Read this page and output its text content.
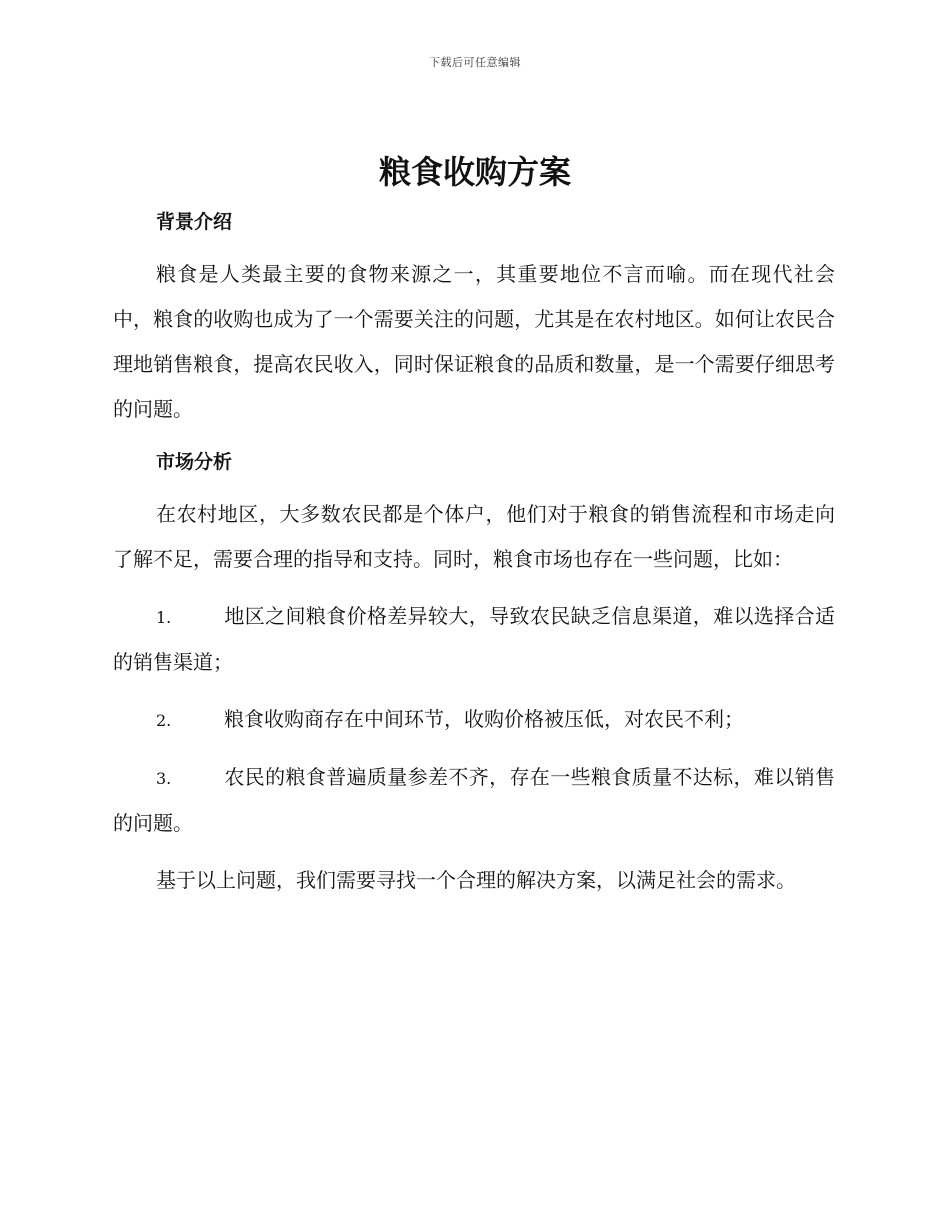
下载后可任意编辑
粮食收购方案
背景介绍

粮食是人类最主要的食物来源之一，其重要地位不言而喻。而在现代社会中，粮食的收购也成为了一个需要关注的问题，尤其是在农村地区。如何让农民合理地销售粮食，提高农民收入，同时保证粮食的品质和数量，是一个需要仔细思考的问题。

市场分析

在农村地区，大多数农民都是个体户，他们对于粮食的销售流程和市场走向了解不足，需要合理的指导和支持。同时，粮食市场也存在一些问题，比如：

1.	地区之间粮食价格差异较大，导致农民缺乏信息渠道，难以选择合适的销售渠道；

2.	粮食收购商存在中间环节，收购价格被压低，对农民不利；

3.	农民的粮食普遍质量参差不齐，存在一些粮食质量不达标，难以销售的问题。

基于以上问题，我们需要寻找一个合理的解决方案，以满足社会的需求。
